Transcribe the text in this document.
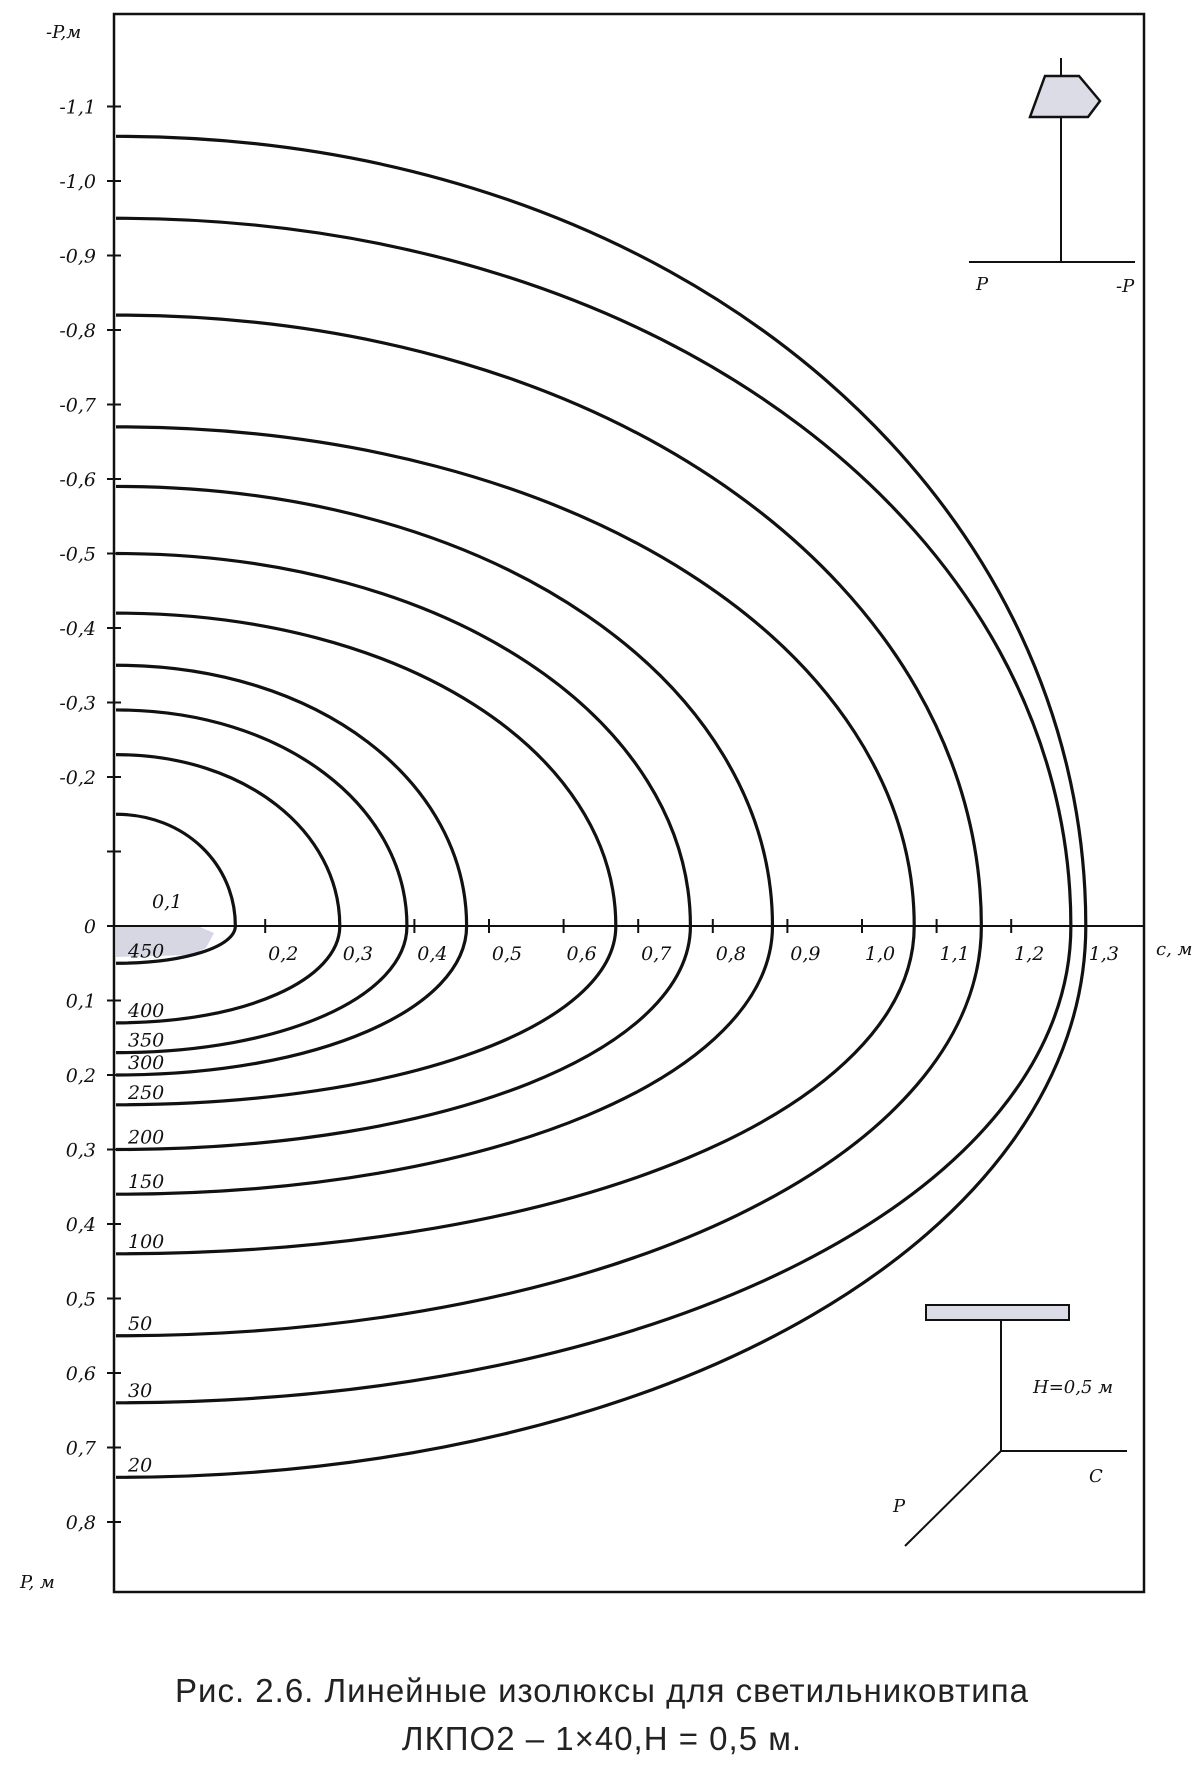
-1,1
-1,0
-0,9
-0,8
-0,7
-0,6
-0,5
-0,4
-0,3
-0,2
0
0,1
0,2
0,3
0,4
0,5
0,6
0,7
0,8
0,2 0,3 0,4 0,5 0,6 0,7 0,8 0,9 1,0 1,1 1,2 1,3
450
400
350
300
250
200
150
100
50
30
20
-P,м
P, м
с, м
0,1
P	-P
H=0,5 м
C
P
Рис. 2.6. Линейные изолюксы для светильниковтипа
ЛКПО2 – 1×40,Н = 0,5 м.
